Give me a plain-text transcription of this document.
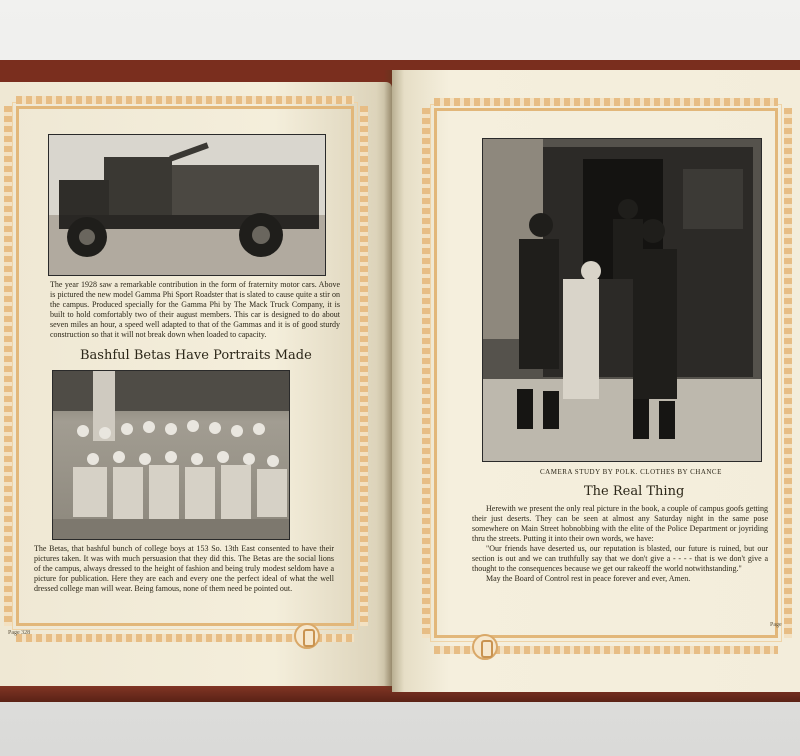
The year 1928 saw a remarkable contribution in the form of fraternity motor cars. Above is pictured the new model Gamma Phi Sport Roadster that is slated to cause quite a stir on the campus. Produced specially for the Gamma Phi by The Mack Truck Company, it is built to hold comfortably two of their august members. This car is designed to do about seven miles an hour, a speed well adapted to that of the Gammas and it is of good sturdy construction so that it will not break down when loaded to capacity.
Bashful Betas Have Portraits Made
The Betas, that bashful bunch of college boys at 153 So. 13th East consented to have their pictures taken. It was with much persuasion that they did this. The Betas are the social lions of the campus, always dressed to the height of fashion and being truly modest seldom have a picture for publication. Here they are each and every one the perfect ideal of what the well dressed college man will wear. Being famous, none of them need be pointed out.
Page 328
CAMERA STUDY BY POLK. CLOTHES BY CHANCE
The Real Thing
Herewith we present the only real picture in the book, a couple of campus goofs getting their just deserts. They can be seen at almost any Saturday night in the same pose somewhere on Main Street hobnobbing with the elite of the Police Department or joyriding thru the streets. Putting it into their own words, we have:
"Our friends have deserted us, our reputation is blasted, our future is ruined, but our section is out and we can truthfully say that we don't give a - - - - that is we don't give a thought to the consequences because we get our rakeoff the world notwithstanding."
May the Board of Control rest in peace forever and ever, Amen.
Page
